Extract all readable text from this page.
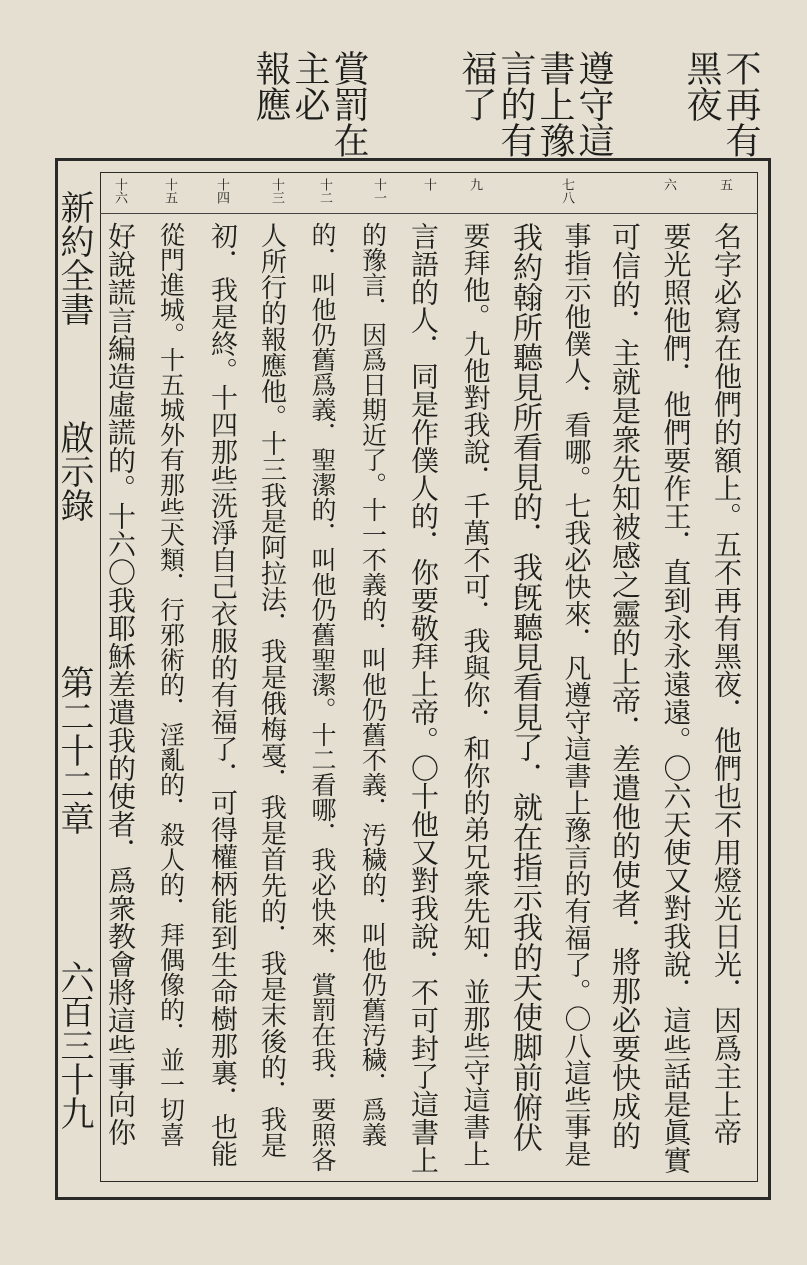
不再有
黑夜
遵守這
書上豫
言的有
福了
賞罰在
主必
報應
新約全書
啟示錄
第二十二章
六百三十九
五
六
七八
九
十
十一
十二
十三
十四
十五
十六
名字必寫在他們的額上。五不再有黑夜．他們也不用燈光日光．因爲主上帝
要光照他們．他們要作王．直到永永遠遠。〇六天使又對我說．這些話是眞實
可信的．主就是衆先知被感之靈的上帝．差遣他的使者．將那必要快成的
事指示他僕人．看哪。七我必快來．凡遵守這書上豫言的有福了。〇八這些事是
我約翰所聽見所看見的．我旣聽見看見了．就在指示我的天使脚前俯伏
要拜他。九他對我說．千萬不可．我與你．和你的弟兄衆先知．並那些守這書上
言語的人．同是作僕人的．你要敬拜上帝。〇十他又對我說．不可封了這書上
的豫言．因爲日期近了。十一不義的．叫他仍舊不義．汚穢的．叫他仍舊汚穢．爲義
的．叫他仍舊爲義．聖潔的．叫他仍舊聖潔。十二看哪．我必快來．賞罰在我．要照各
人所行的報應他。十三我是阿拉法．我是俄梅戞．我是首先的．我是末後的．我是
初．我是終。十四那些洗淨自己衣服的有福了．可得權柄能到生命樹那裏．也能
從門進城。十五城外有那些犬類．行邪術的．淫亂的．殺人的．拜偶像的．並一切喜
好說謊言編造虛謊的。十六〇我耶穌差遣我的使者．爲衆教會將這些事向你
